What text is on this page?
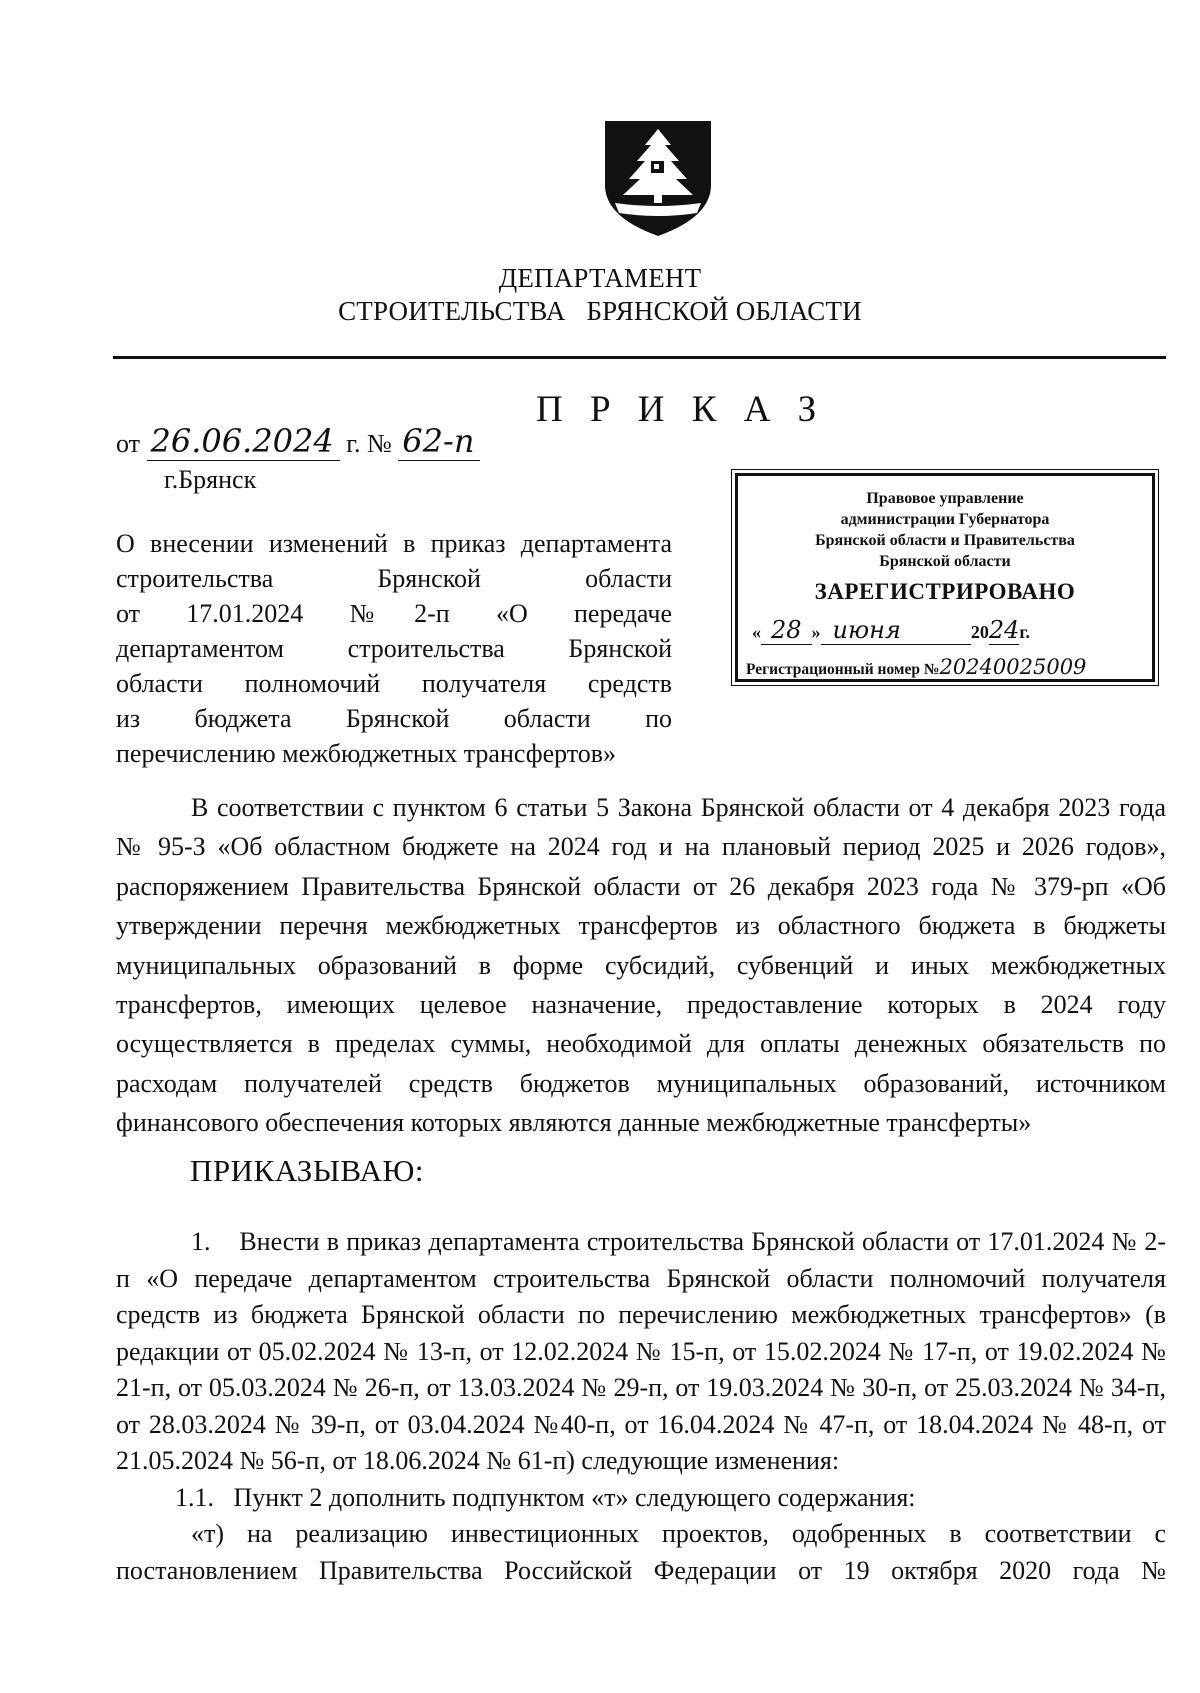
ДЕПАРТАМЕНТ
СТРОИТЕЛЬСТВА   БРЯНСКОЙ ОБЛАСТИ
П Р И К А З
от 26.06.2024 г. № 62-п
г.Брянск
О внесении изменений в приказ департамента
строительства Брянской области
от 17.01.2024 №2-п «О передаче
департаментом строительства Брянской
области полномочий получателя средств
из бюджета Брянской области по
перечислению межбюджетных трансфертов»
Правовое управление
администрации Губернатора
Брянской области и Правительства
Брянской области
ЗАРЕГИСТРИРОВАНО
« 28 » июня	2024г.
Регистрационный номер №20240025009

В соответствии с пунктом 6 статьи 5 Закона Брянской области от 4 декабря 2023 года № 95-З «Об областном бюджете на 2024 год и на плановый период 2025 и 2026 годов», распоряжением Правительства Брянской области от 26 декабря 2023 года № 379-рп «Об утверждении перечня межбюджетных трансфертов из областного бюджета в бюджеты муниципальных образований в форме субсидий, субвенций и иных межбюджетных трансфертов, имеющих целевое назначение, предоставление которых в 2024 году осуществляется в пределах суммы, необходимой для оплаты денежных обязательств по расходам получателей средств бюджетов муниципальных образований, источником финансового обеспечения которых являются данные межбюджетные трансферты»

ПРИКАЗЫВАЮ:

1.    Внести в приказ департамента строительства Брянской области от 17.01.2024 № 2-п «О передаче департаментом строительства Брянской области полномочий получателя средств из бюджета Брянской области по перечислению межбюджетных трансфертов» (в редакции от 05.02.2024 № 13-п, от 12.02.2024 № 15-п, от 15.02.2024 № 17-п, от 19.02.2024 № 21-п, от 05.03.2024 № 26-п, от 13.03.2024 № 29-п, от 19.03.2024 № 30-п, от 25.03.2024 № 34-п, от 28.03.2024 № 39-п, от 03.04.2024 №40-п, от 16.04.2024 № 47-п, от 18.04.2024 № 48-п, от 21.05.2024 № 56-п, от 18.06.2024 № 61-п) следующие изменения:

1.1.   Пункт 2 дополнить подпунктом «т» следующего содержания:

«т) на реализацию инвестиционных проектов, одобренных в соответствии с постановлением Правительства Российской Федерации от 19 октября 2020 года №
